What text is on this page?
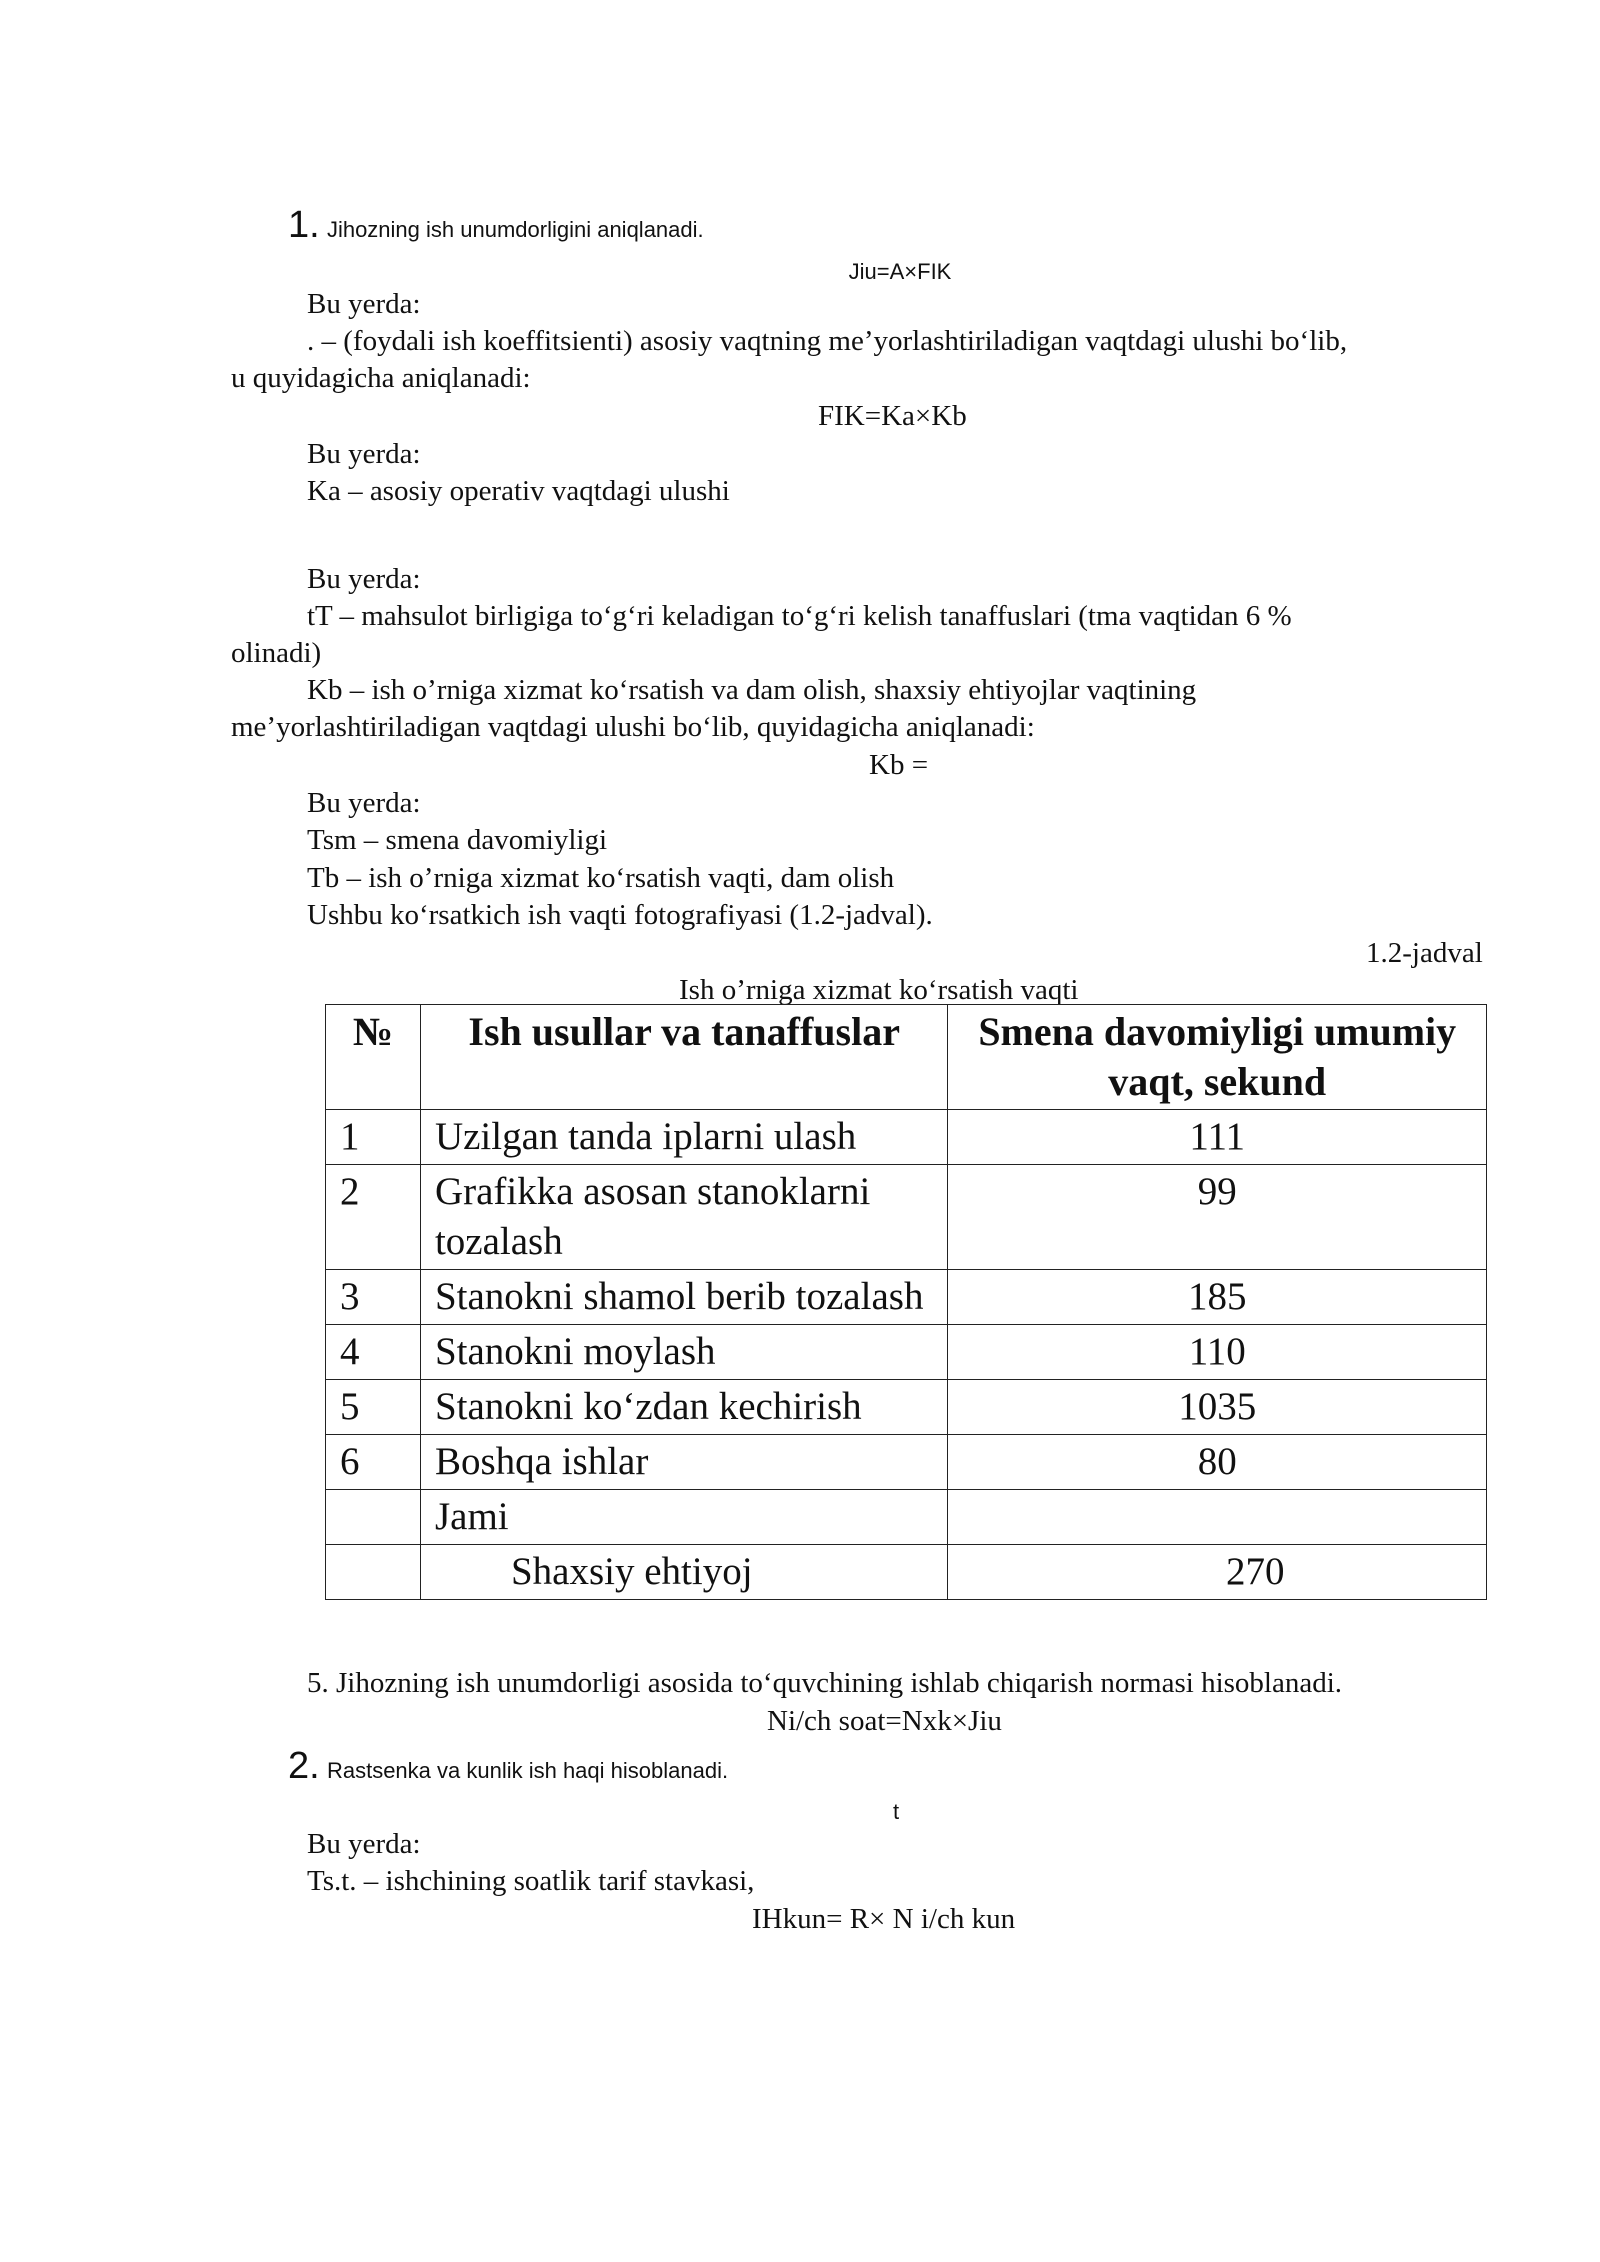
1. Jihozning ish unumdorligini aniqlanadi.
Jiu=A×FIK
Bu yerda:
. – (foydali ish koeffitsienti) asosiy vaqtning me’yorlashtiriladigan vaqtdagi ulushi bo‘lib,
u quyidagicha aniqlanadi:
FIK=Ka×Kb
Bu yerda:
Ka – asosiy operativ vaqtdagi ulushi
Bu yerda:
tT – mahsulot birligiga to‘g‘ri keladigan to‘g‘ri kelish tanaffuslari (tma vaqtidan 6 %
olinadi)
Kb – ish o’rniga xizmat ko‘rsatish va dam olish, shaxsiy ehtiyojlar vaqtining
me’yorlashtiriladigan vaqtdagi ulushi bo‘lib, quyidagicha aniqlanadi:
Kb =
Bu yerda:
Tsm – smena davomiyligi
Tb – ish o’rniga xizmat ko‘rsatish vaqti, dam olish
Ushbu ko‘rsatkich ish vaqti fotografiyasi (1.2-jadval).
1.2-jadval
Ish o’rniga xizmat ko‘rsatish vaqti
№	Ish usullar va tanaffuslar	Smena davomiyligi umumiy vaqt, sekund
1	Uzilgan tanda iplarni ulash	111
2	Grafikka asosan stanoklarni tozalash	99
3	Stanokni shamol berib tozalash	185
4	Stanokni moylash	110
5	Stanokni ko‘zdan kechirish	1035
6	Boshqa ishlar	80
	Jami	
	Shaxsiy ehtiyoj	270
5. Jihozning ish unumdorligi asosida to‘quvchining ishlab chiqarish normasi hisoblanadi.
Ni/ch soat=Nxk×Jiu
2. Rastsenka va kunlik ish haqi hisoblanadi.
t
Bu yerda:
Ts.t. – ishchining soatlik tarif stavkasi,
IHkun= R× N i/ch kun
